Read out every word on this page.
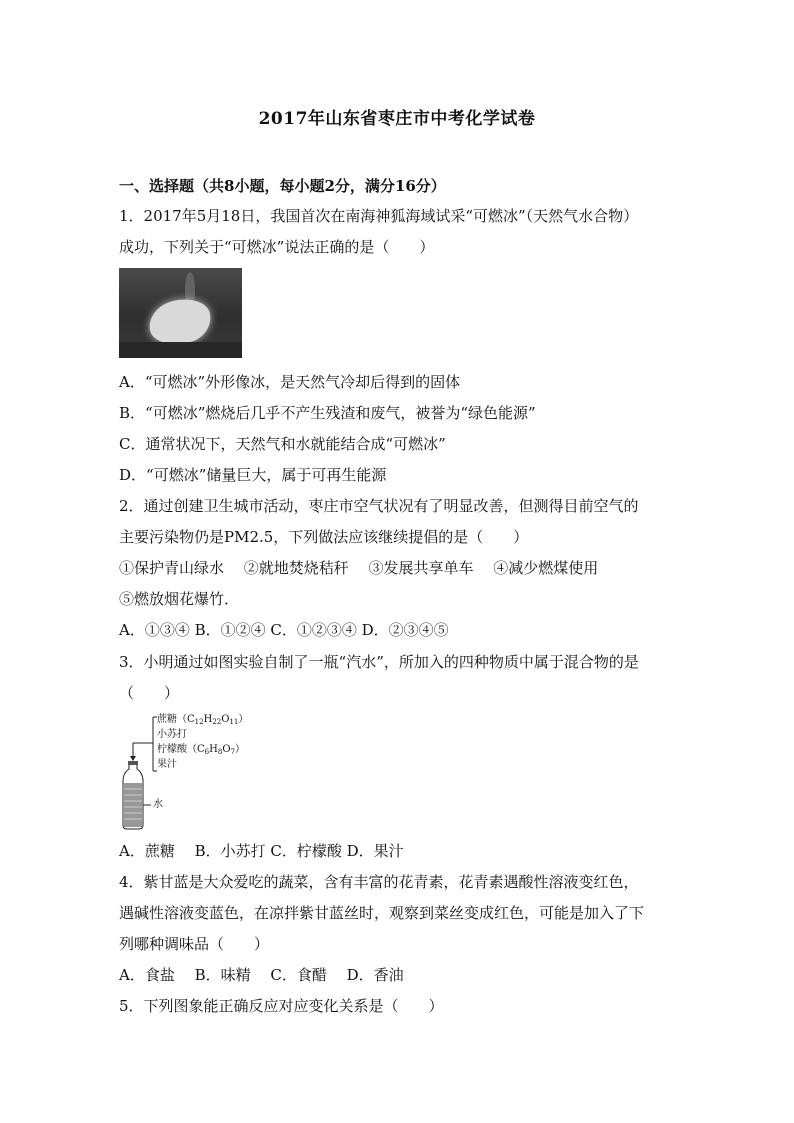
2017年山东省枣庄市中考化学试卷
一、选择题（共8小题，每小题2分，满分16分）
1．2017年5月18日，我国首次在南海神狐海域试采“可燃冰”（天然气水合物）
成功，下列关于“可燃冰”说法正确的是（　　）
A．“可燃冰”外形像冰，是天然气冷却后得到的固体
B．“可燃冰”燃烧后几乎不产生残渣和废气，被誉为“绿色能源”
C．通常状况下，天然气和水就能结合成“可燃冰”
D．“可燃冰”储量巨大，属于可再生能源
2．通过创建卫生城市活动，枣庄市空气状况有了明显改善，但测得目前空气的
主要污染物仍是PM2.5，下列做法应该继续提倡的是（　　）
①保护青山绿水　 ②就地焚烧秸秆　 ③发展共享单车　 ④减少燃煤使用
⑤燃放烟花爆竹．
A．①③④ B．①②④ C．①②③④ D．②③④⑤
3．小明通过如图实验自制了一瓶“汽水”，所加入的四种物质中属于混合物的是
（　　）
蔗糖$(C_{12}H_{22}O_{11})$
小苏打
柠檬酸$(C_6H_8O_7)$
果汁
水
A．蔗糖　 B．小苏打 C．柠檬酸 D．果汁
4．紫甘蓝是大众爱吃的蔬菜，含有丰富的花青素，花青素遇酸性溶液变红色，
遇碱性溶液变蓝色，在凉拌紫甘蓝丝时，观察到菜丝变成红色，可能是加入了下
列哪种调味品（　　）
A．食盐　 B．味精　 C．食醋　 D．香油
5．下列图象能正确反应对应变化关系是（　　）
